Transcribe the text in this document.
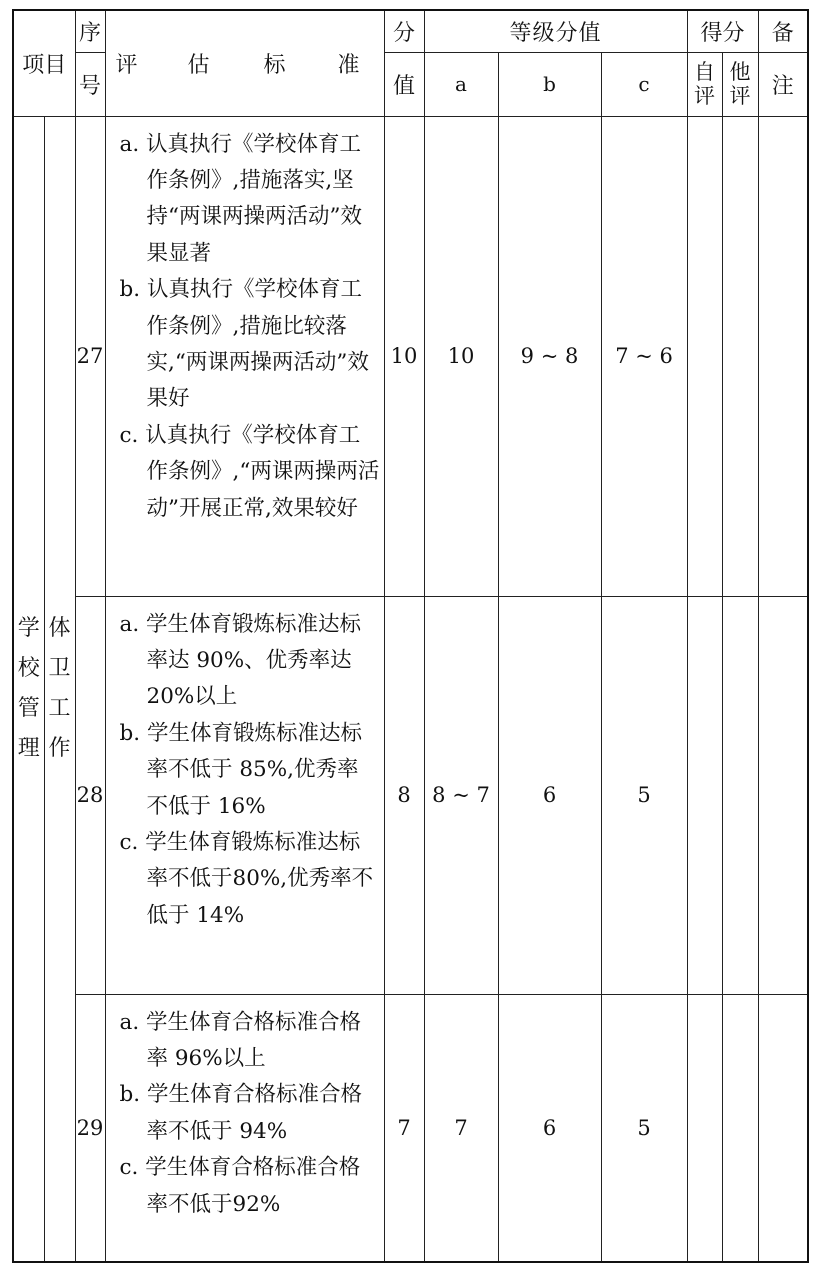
项目		序	评 估 标 准	分	等级分值			得分		备
		号		值	a	b	c	自评	他评	注
学
校
管
理	体
卫
工
作	27	a. 认真执行《学校体育工作条例》,措施落实,坚持“两课两操两活动”效果显著
b. 认真执行《学校体育工作条例》,措施比较落实,“两课两操两活动”效果好
c. 认真执行《学校体育工作条例》,“两课两操两活动”开展正常,效果较好	10	10	9 ~ 8	7 ~ 6			
		28	a. 学生体育锻炼标准达标率达 90%、优秀率达 20%以上
b. 学生体育锻炼标准达标率不低于 85%,优秀率不低于 16%
c. 学生体育锻炼标准达标率不低于80%,优秀率不低于 14%	8	8 ~ 7	6	5			
		29	a. 学生体育合格标准合格率 96%以上
b. 学生体育合格标准合格率不低于 94%
c. 学生体育合格标准合格率不低于92%	7	7	6	5			
